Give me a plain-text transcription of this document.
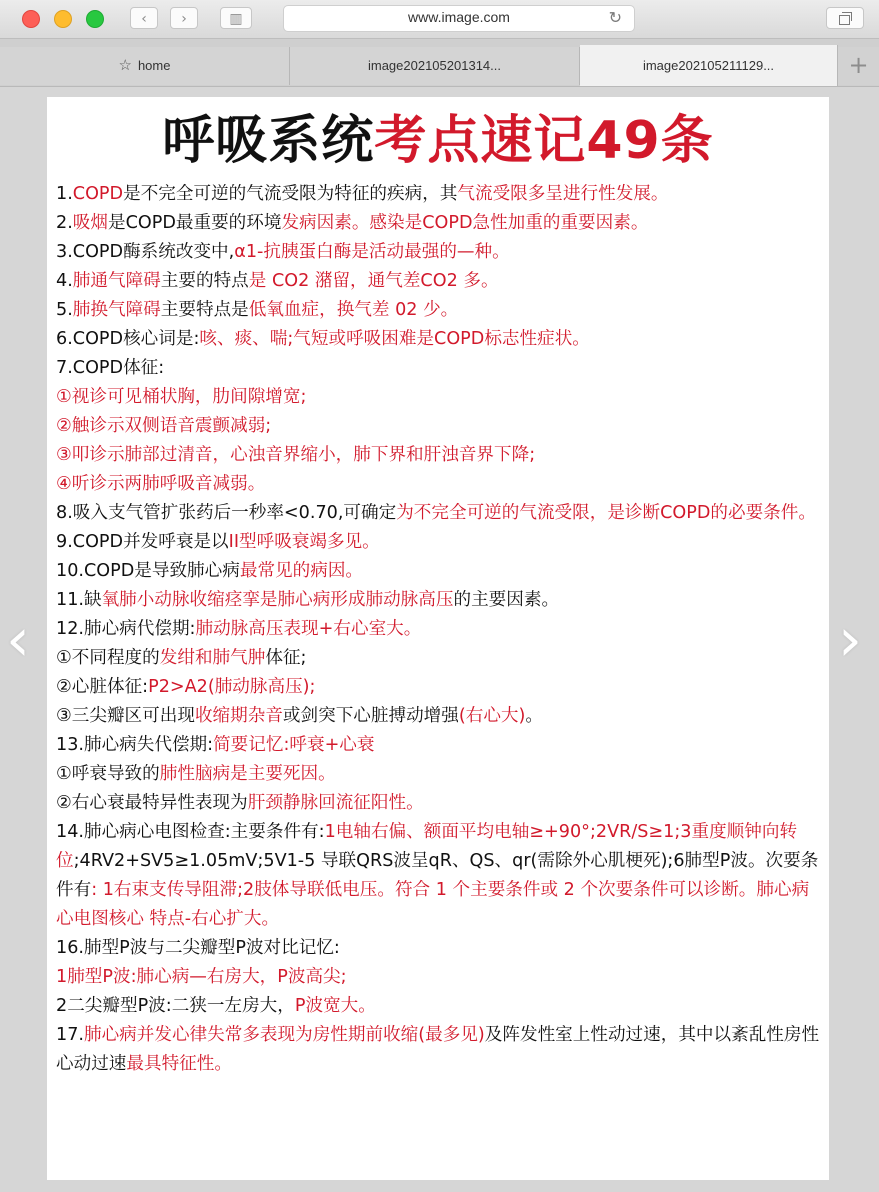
‹	›	▥	www.image.com	↻
☆ home	image202105201314...	image202105211129...	+
‹	›
呼吸系统考点速记49条
1.COPD是不完全可逆的气流受限为特征的疾病，其气流受限多呈进行性发展。
2.吸烟是COPD最重要的环境发病因素。感染是COPD急性加重的重要因素。
3.COPD酶系统改变中,α1-抗胰蛋白酶是活动最强的—种。
4.肺通气障碍主要的特点是 CO2 潴留，通气差CO2 多。
5.肺换气障碍主要特点是低氧血症，换气差 02 少。
6.COPD核心词是:咳、痰、喘;气短或呼吸困难是COPD标志性症状。
7.COPD体征:
①视诊可见桶状胸，肋间隙增宽;
②触诊示双侧语音震颤减弱;
③叩诊示肺部过清音，心浊音界缩小，肺下界和肝浊音界下降;
④听诊示两肺呼吸音减弱。
8.吸入支气管扩张药后一秒率<0.70,可确定为不完全可逆的气流受限，是诊断COPD的必要条件。
9.COPD并发呼衰是以II型呼吸衰竭多见。
10.COPD是导致肺心病最常见的病因。
11.缺氧肺小动脉收缩痉挛是肺心病形成肺动脉高压的主要因素。
12.肺心病代偿期:肺动脉高压表现+右心室大。
①不同程度的发绀和肺气肿体征;
②心脏体征:P2>A2(肺动脉高压);
③三尖瓣区可出现收缩期杂音或剑突下心脏搏动增强(右心大)。
13.肺心病失代偿期:简要记忆:呼衰+心衰
①呼衰导致的肺性脑病是主要死因。
②右心衰最特异性表现为肝颈静脉回流征阳性。
14.肺心病心电图检查:主要条件有:1电轴右偏、额面平均电轴≥+90°;2VR/S≥1;3重度顺钟向转
位;4RV2+SV5≥1.05mV;5V1-5 导联QRS波呈qR、QS、qr(需除外心肌梗死);6肺型P波。次要条件有: 1右束支传导阻滞;2肢体导联低电压。符合 1 个主要条件或 2 个次要条件可以诊断。肺心病心电图核心 特点-右心扩大。
16.肺型P波与二尖瓣型P波对比记忆:
1肺型P波:肺心病—右房大，P波高尖;
2二尖瓣型P波:二狭一左房大，P波宽大。
17.肺心病并发心律失常多表现为房性期前收缩(最多见)及阵发性室上性动过速，其中以紊乱性房性心动过速最具特征性。
